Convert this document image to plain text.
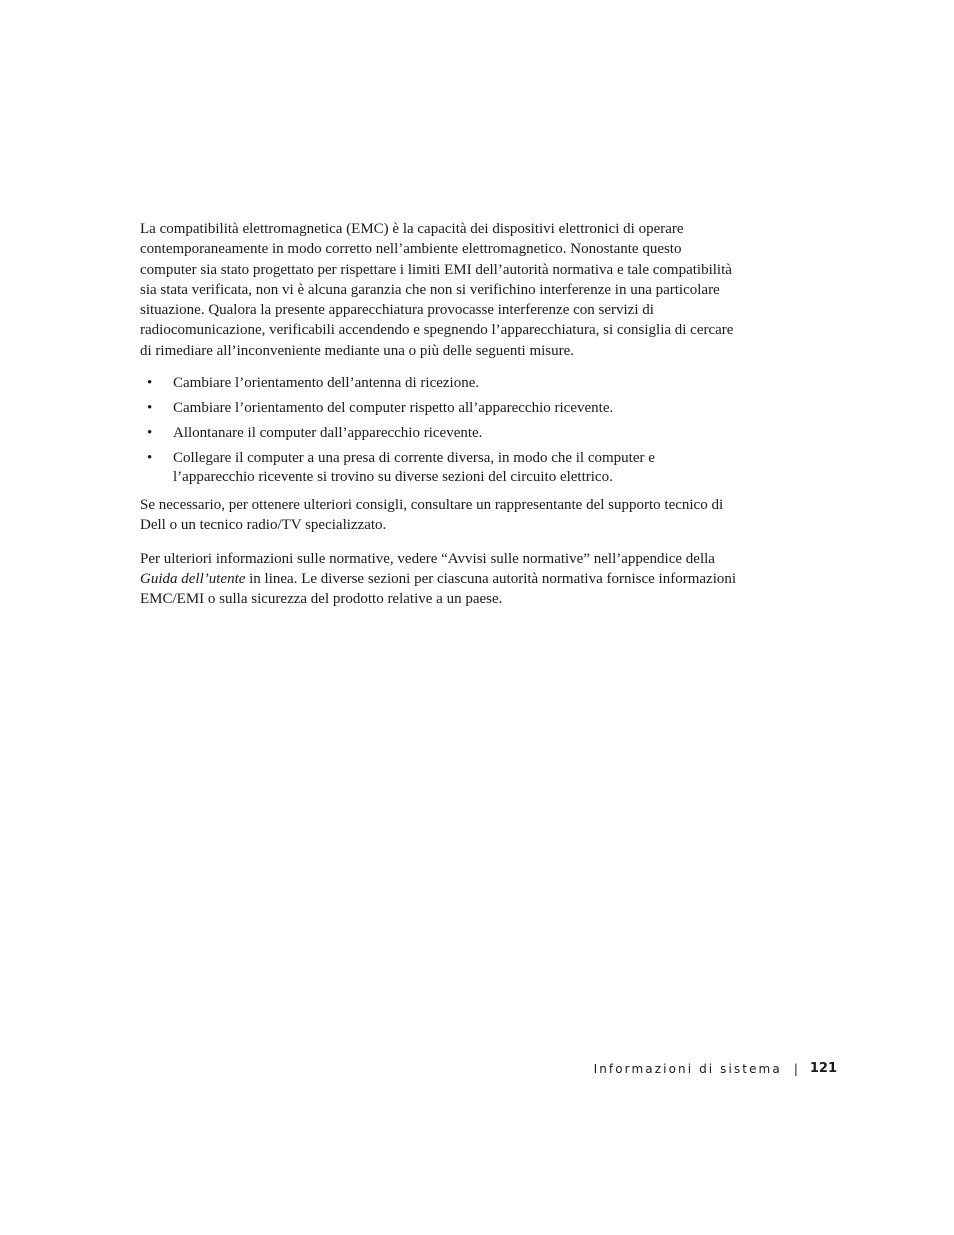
La compatibilità elettromagnetica (EMC) è la capacità dei dispositivi elettronici di operare contemporaneamente in modo corretto nell’ambiente elettromagnetico. Nonostante questo computer sia stato progettato per rispettare i limiti EMI dell’autorità normativa e tale compatibilità sia stata verificata, non vi è alcuna garanzia che non si verifichino interferenze in una particolare situazione. Qualora la presente apparecchiatura provocasse interferenze con servizi di radiocomunicazione, verificabili accendendo e spegnendo l’apparecchiatura, si consiglia di cercare di rimediare all’inconveniente mediante una o più delle seguenti misure.

• Cambiare l’orientamento dell’antenna di ricezione.
• Cambiare l’orientamento del computer rispetto all’apparecchio ricevente.
• Allontanare il computer dall’apparecchio ricevente.
• Collegare il computer a una presa di corrente diversa, in modo che il computer e l’apparecchio ricevente si trovino su diverse sezioni del circuito elettrico.

Se necessario, per ottenere ulteriori consigli, consultare un rappresentante del supporto tecnico di Dell o un tecnico radio/TV specializzato.

Per ulteriori informazioni sulle normative, vedere “Avvisi sulle normative” nell’appendice della Guida dell’utente in linea. Le diverse sezioni per ciascuna autorità normativa fornisce informazioni EMC/EMI o sulla sicurezza del prodotto relative a un paese.

Informazioni di sistema | 121
